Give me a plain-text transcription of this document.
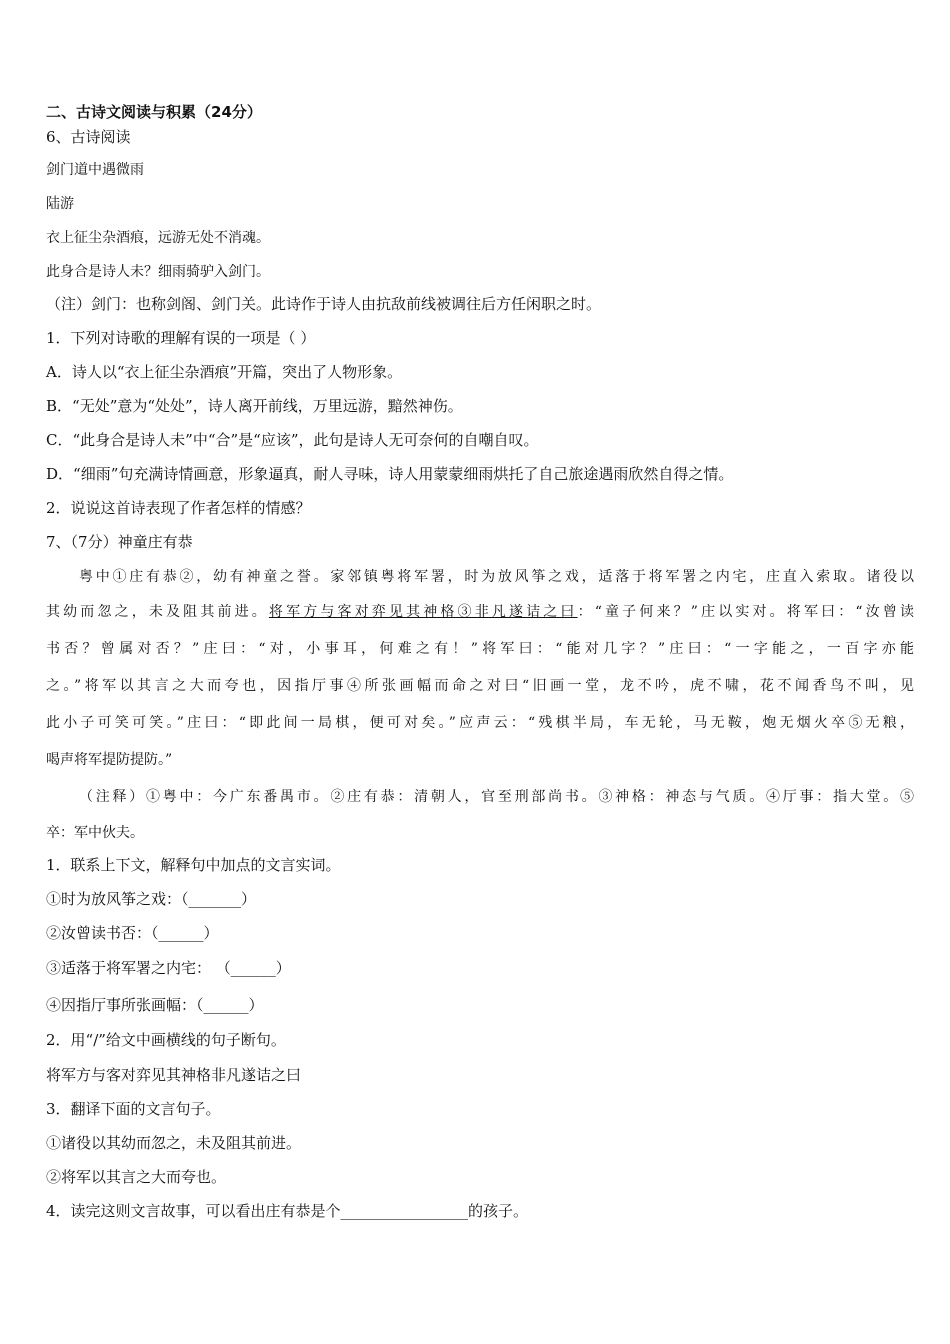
二、古诗文阅读与积累（24分）
6、古诗阅读
剑门道中遇微雨
陆游
衣上征尘杂酒痕，远游无处不消魂。
此身合是诗人未？细雨骑驴入剑门。
（注）剑门：也称剑阁、剑门关。此诗作于诗人由抗敌前线被调往后方任闲职之时。
1．下列对诗歌的理解有误的一项是（ ）
A．诗人以“衣上征尘杂酒痕”开篇，突出了人物形象。
B．“无处”意为“处处”，诗人离开前线，万里远游，黯然神伤。
C．“此身合是诗人未”中“合”是“应该”，此句是诗人无可奈何的自嘲自叹。
D．“细雨”句充满诗情画意，形象逼真，耐人寻味，诗人用蒙蒙细雨烘托了自己旅途遇雨欣然自得之情。
2．说说这首诗表现了作者怎样的情感？
7、（7分）神童庄有恭
粤中①庄有恭②，幼有神童之誉。家邻镇粤将军署，时为放风筝之戏，适落于将军署之内宅，庄直入索取。诸役以
其幼而忽之，未及阻其前进。将军方与客对弈见其神格③非凡遂诘之曰：“童子何来？”庄以实对。将军曰：“汝曾读
书否？曾属对否？”庄曰：“对，小事耳，何难之有！”将军曰：“能对几字？”庄曰：“一字能之，一百字亦能
之。”将军以其言之大而夸也，因指厅事④所张画幅而命之对曰“旧画一堂，龙不吟，虎不啸，花不闻香鸟不叫，见
此小子可笑可笑。”庄曰：“即此间一局棋，便可对矣。”应声云：“残棋半局，车无轮，马无鞍，炮无烟火卒⑤无粮，
喝声将军提防提防。”
（注释）①粤中：今广东番禺市。②庄有恭：清朝人，官至刑部尚书。③神格：神态与气质。④厅事：指大堂。⑤
卒：军中伙夫。
1．联系上下文，解释句中加点的文言实词。
①时为放风筝之戏：（_______）
②汝曾读书否：（______）
③适落于将军署之内宅： （______）
④因指厅事所张画幅：（______）
2．用“/”给文中画横线的句子断句。
将军方与客对弈见其神格非凡遂诘之曰
3．翻译下面的文言句子。
①诸役以其幼而忽之，未及阻其前进。
②将军以其言之大而夸也。
4．读完这则文言故事，可以看出庄有恭是个_________________的孩子。
